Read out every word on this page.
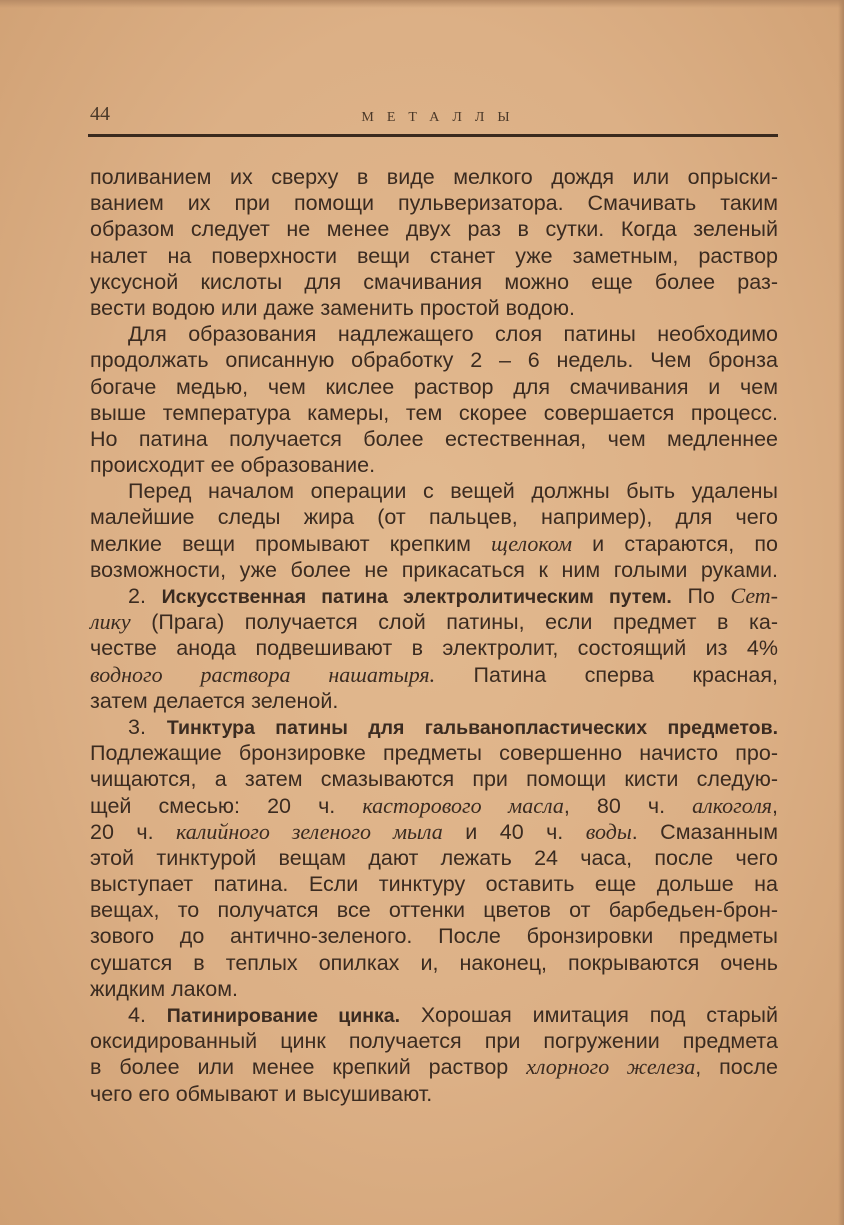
44	МЕТАЛЛЫ
поливанием их сверху в виде мелкого дождя или опрыски-
ванием их при помощи пульверизатора. Смачивать таким
образом следует не менее двух раз в сутки. Когда зеленый
налет на поверхности вещи станет уже заметным, раствор
уксусной кислоты для смачивания можно еще более раз-
вести водою или даже заменить простой водою.
Для образования надлежащего слоя патины необходимо
продолжать описанную обработку 2 – 6 недель. Чем бронза
богаче медью, чем кислее раствор для смачивания и чем
выше температура камеры, тем скорее совершается процесс.
Но патина получается более естественная, чем медленнее
происходит ее образование.
Перед началом операции с вещей должны быть удалены
малейшие следы жира (от пальцев, например), для чего
мелкие вещи промывают крепким щелоком и стараются, по
возможности, уже более не прикасаться к ним голыми руками.
2. Искусственная патина электролитическим путем. По Сет-
лику (Прага) получается слой патины, если предмет в ка-
честве анода подвешивают в электролит, состоящий из 4%
водного раствора нашатыря. Патина сперва красная,
затем делается зеленой.
3. Тинктура патины для гальванопластических предметов.
Подлежащие бронзировке предметы совершенно начисто про-
чищаются, а затем смазываются при помощи кисти следую-
щей смесью: 20 ч. касторового масла, 80 ч. алкоголя,
20 ч. калийного зеленого мыла и 40 ч. воды. Смазанным
этой тинктурой вещам дают лежать 24 часа, после чего
выступает патина. Если тинктуру оставить еще дольше на
вещах, то получатся все оттенки цветов от барбедьен-брон-
зового до антично-зеленого. После бронзировки предметы
сушатся в теплых опилках и, наконец, покрываются очень
жидким лаком.
4. Патинирование цинка. Хорошая имитация под старый
оксидированный цинк получается при погружении предмета
в более или менее крепкий раствор хлорного железа, после
чего его обмывают и высушивают.
